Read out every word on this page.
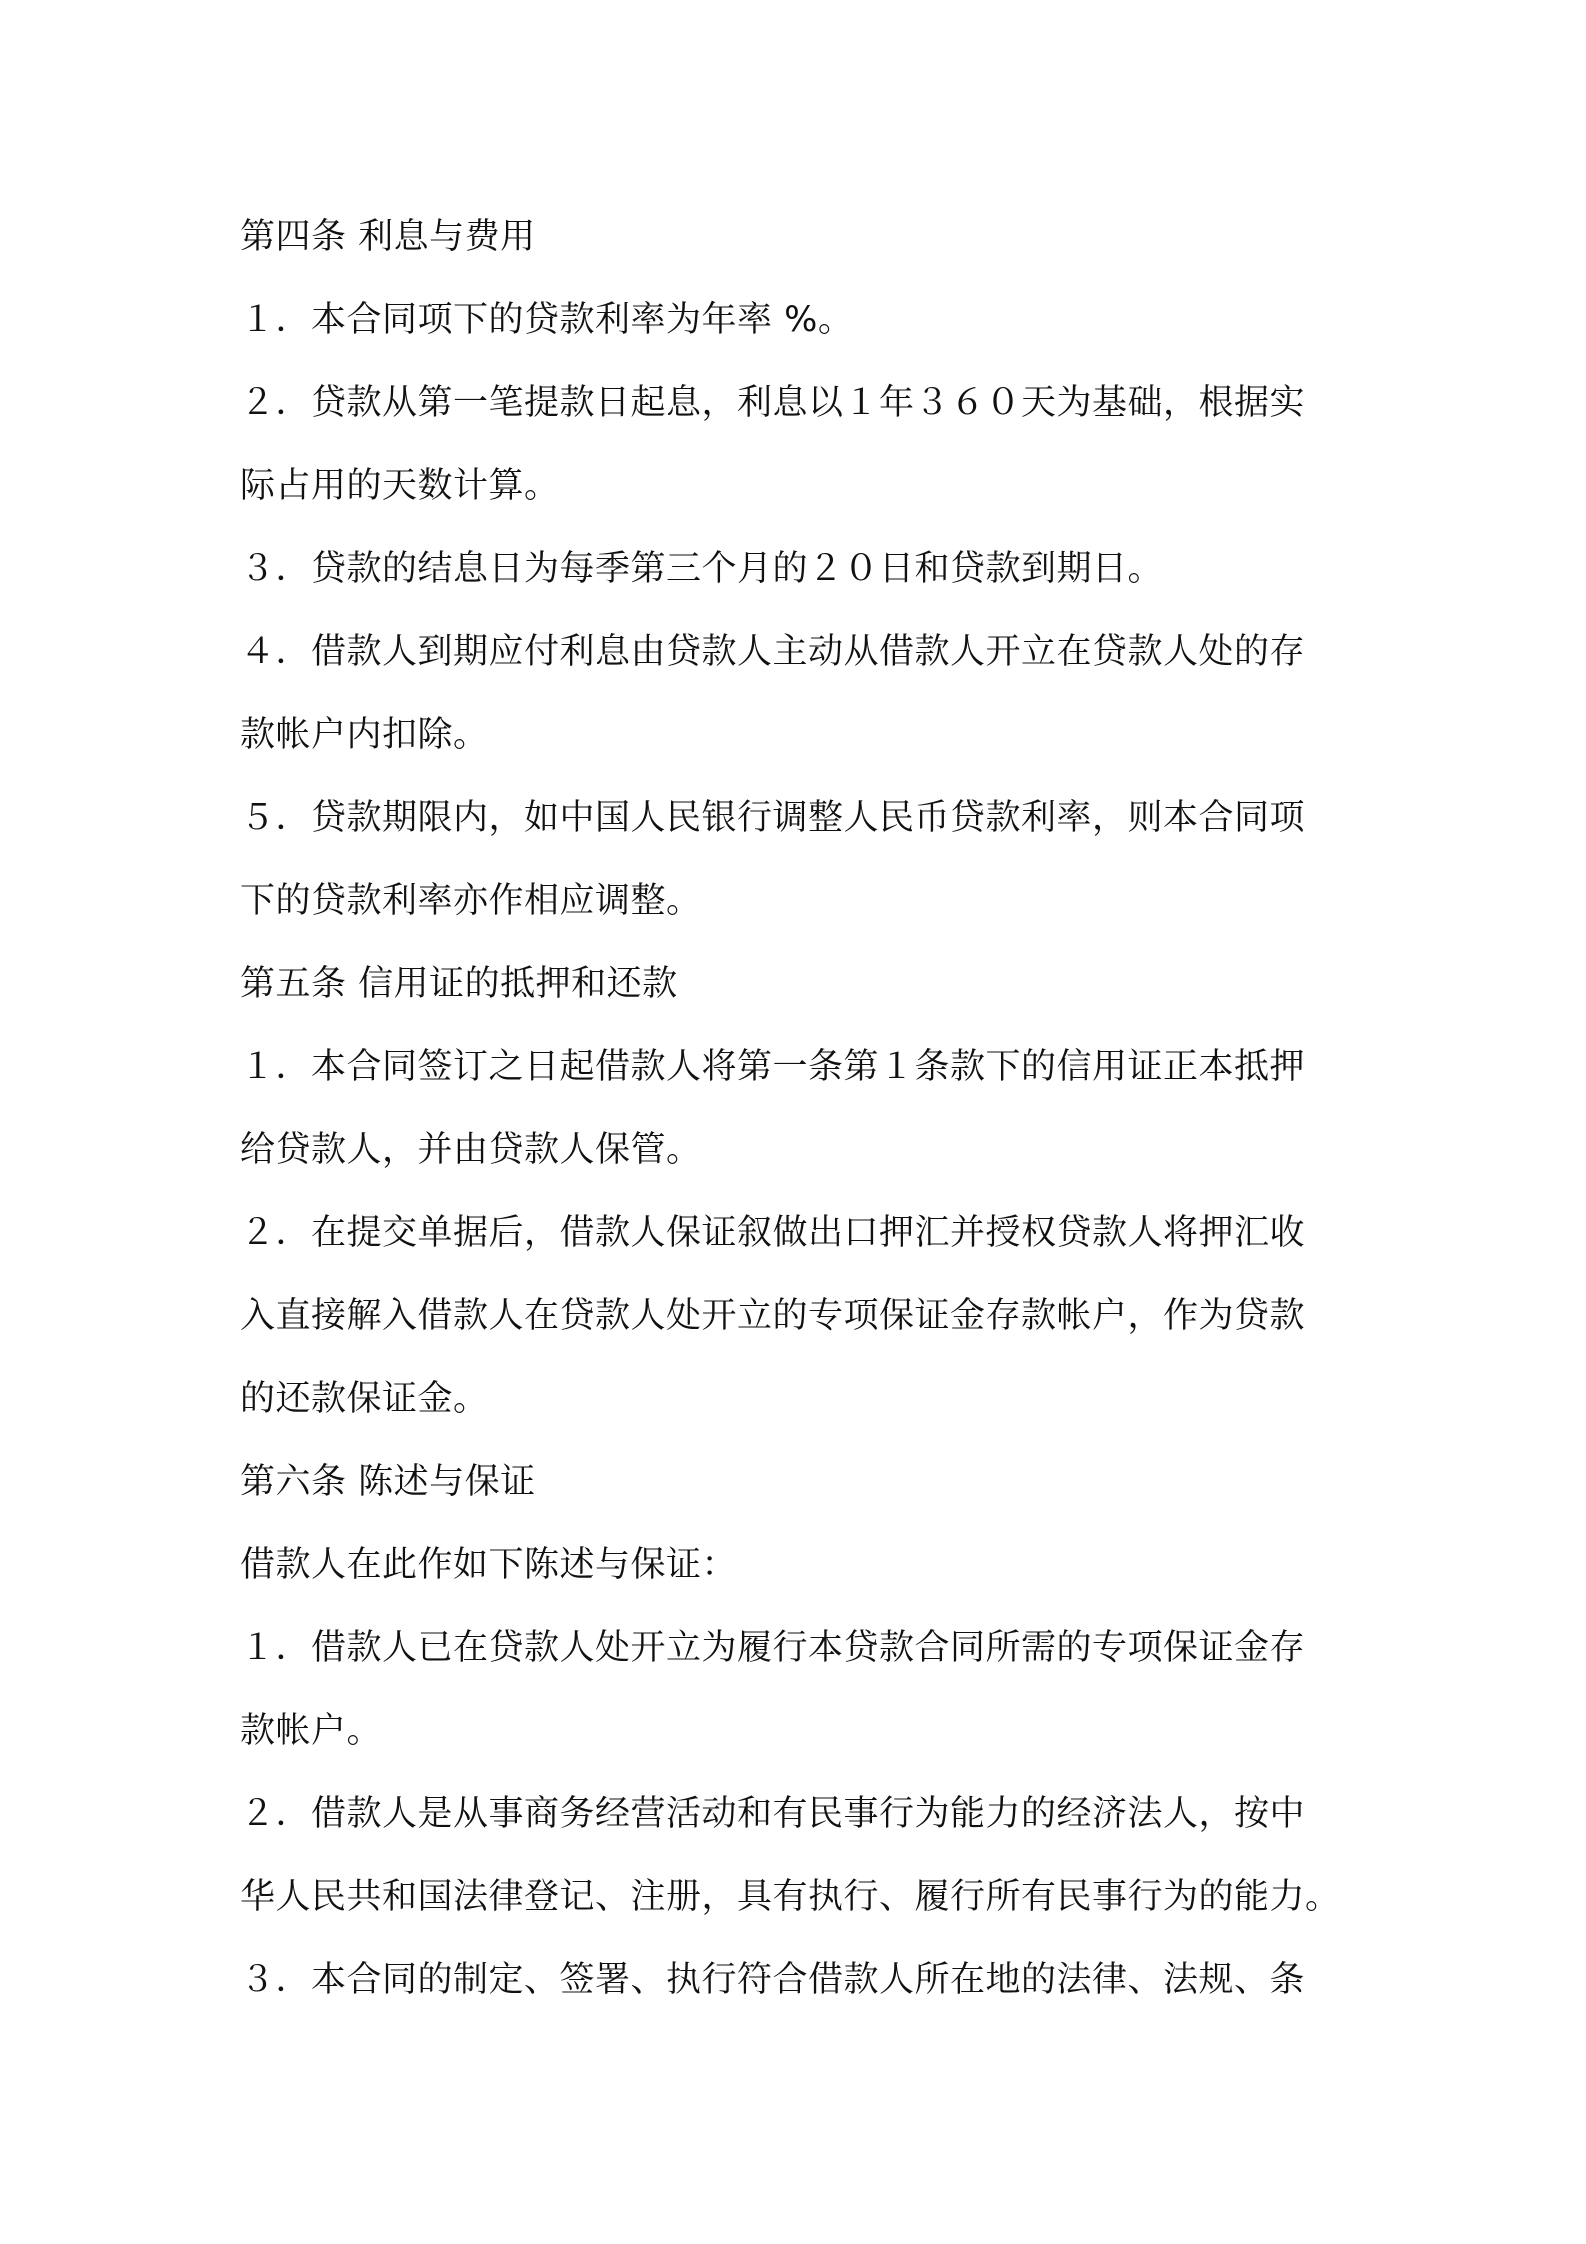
第四条 利息与费用
１．本合同项下的贷款利率为年率 %。
２．贷款从第一笔提款日起息，利息以１年３６０天为基础，根据实
际占用的天数计算。
３．贷款的结息日为每季第三个月的２０日和贷款到期日。
４．借款人到期应付利息由贷款人主动从借款人开立在贷款人处的存
款帐户内扣除。
５．贷款期限内，如中国人民银行调整人民币贷款利率，则本合同项
下的贷款利率亦作相应调整。
第五条 信用证的抵押和还款
１．本合同签订之日起借款人将第一条第１条款下的信用证正本抵押
给贷款人，并由贷款人保管。
２．在提交单据后，借款人保证叙做出口押汇并授权贷款人将押汇收
入直接解入借款人在贷款人处开立的专项保证金存款帐户，作为贷款
的还款保证金。
第六条 陈述与保证
借款人在此作如下陈述与保证：
１．借款人已在贷款人处开立为履行本贷款合同所需的专项保证金存
款帐户。
２．借款人是从事商务经营活动和有民事行为能力的经济法人，按中
华人民共和国法律登记、注册，具有执行、履行所有民事行为的能力。
３．本合同的制定、签署、执行符合借款人所在地的法律、法规、条
